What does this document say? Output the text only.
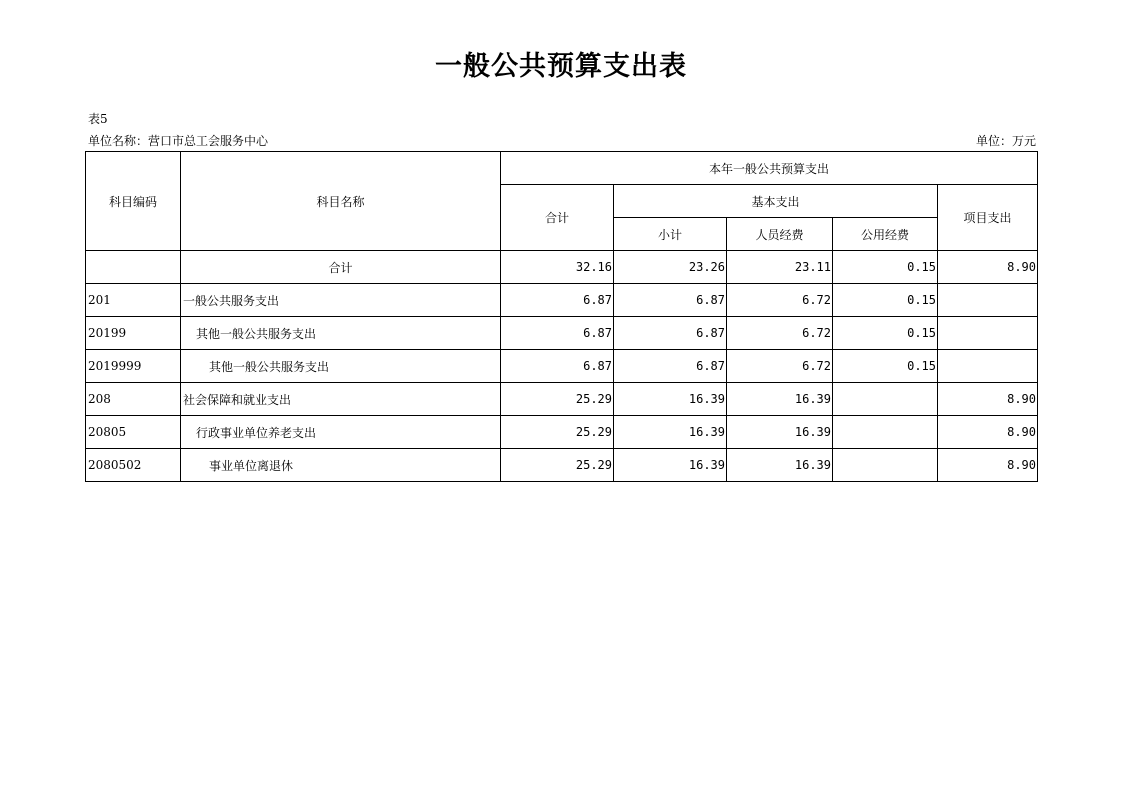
一般公共预算支出表
表5
单位名称：营口市总工会服务中心	单位：万元
科目编码	科目名称	本年一般公共预算支出				
		合计	基本支出			项目支出
			小计	人员经费	公用经费	
	合计	32.16	23.26	23.11	0.15	8.90
201	一般公共服务支出	6.87	6.87	6.72	0.15	
20199	其他一般公共服务支出	6.87	6.87	6.72	0.15	
2019999	其他一般公共服务支出	6.87	6.87	6.72	0.15	
208	社会保障和就业支出	25.29	16.39	16.39		8.90
20805	行政事业单位养老支出	25.29	16.39	16.39		8.90
2080502	事业单位离退休	25.29	16.39	16.39		8.90
